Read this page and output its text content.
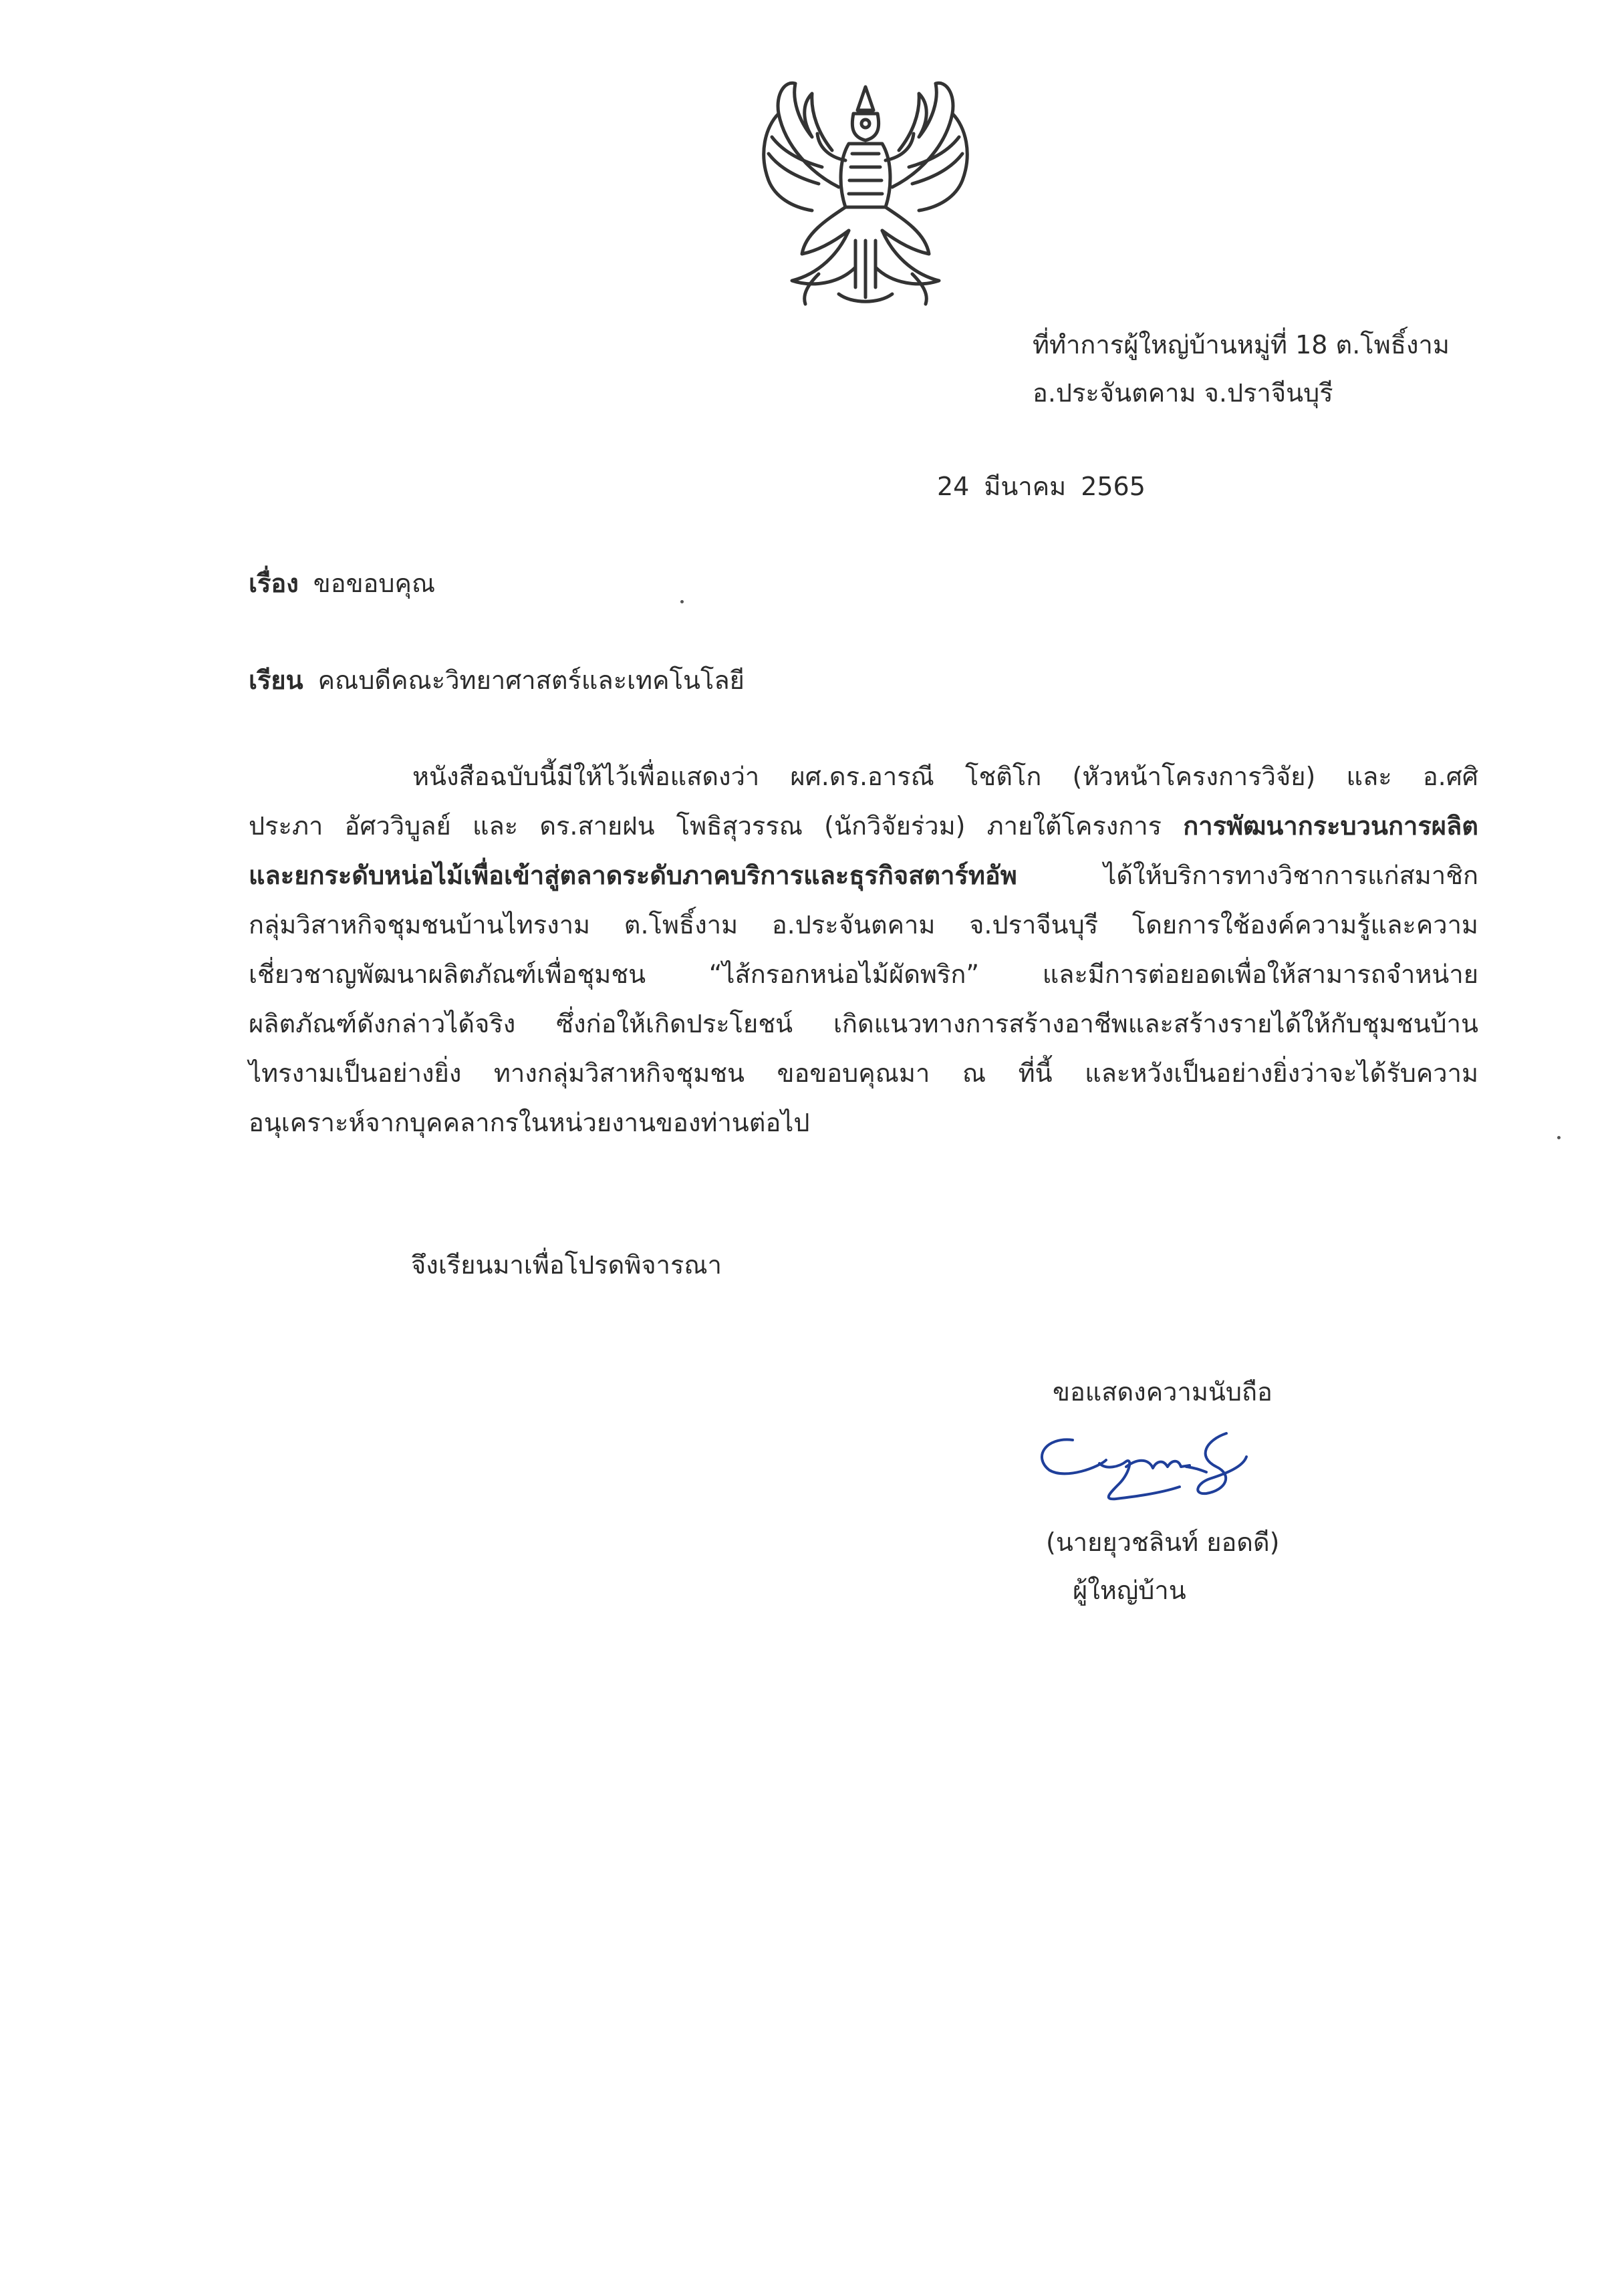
ที่ทำการผู้ใหญ่บ้านหมู่ที่ 18 ต.โพธิ์งาม
อ.ประจันตคาม จ.ปราจีนบุรี
24 มีนาคม 2565
เรื่อง ขอขอบคุณ
เรียน คณบดีคณะวิทยาศาสตร์และเทคโนโลยี
หนังสือฉบับนี้มีให้ไว้เพื่อแสดงว่า ผศ.ดร.อารณี โชติโก (หัวหน้าโครงการวิจัย) และ อ.ศศิ
ประภา อัศววิบูลย์ และ ดร.สายฝน โพธิสุวรรณ (นักวิจัยร่วม) ภายใต้โครงการ การพัฒนากระบวนการผลิต
และยกระดับหน่อไม้เพื่อเข้าสู่ตลาดระดับภาคบริการและธุรกิจสตาร์ทอัพ	ได้ให้บริการทางวิชาการแก่สมาชิก
กลุ่มวิสาหกิจชุมชนบ้านไทรงาม ต.โพธิ์งาม อ.ประจันตคาม จ.ปราจีนบุรี โดยการใช้องค์ความรู้และความ
เชี่ยวชาญพัฒนาผลิตภัณฑ์เพื่อชุมชน “ไส้กรอกหน่อไม้ผัดพริก” และมีการต่อยอดเพื่อให้สามารถจำหน่าย
ผลิตภัณฑ์ดังกล่าวได้จริง ซึ่งก่อให้เกิดประโยชน์ เกิดแนวทางการสร้างอาชีพและสร้างรายได้ให้กับชุมชนบ้าน
ไทรงามเป็นอย่างยิ่ง ทางกลุ่มวิสาหกิจชุมชน ขอขอบคุณมา ณ ที่นี้ และหวังเป็นอย่างยิ่งว่าจะได้รับความ
อนุเคราะห์จากบุคคลากรในหน่วยงานของท่านต่อไป
จึงเรียนมาเพื่อโปรดพิจารณา
ขอแสดงความนับถือ
(นายยุวชลินท์ ยอดดี)
ผู้ใหญ่บ้าน
